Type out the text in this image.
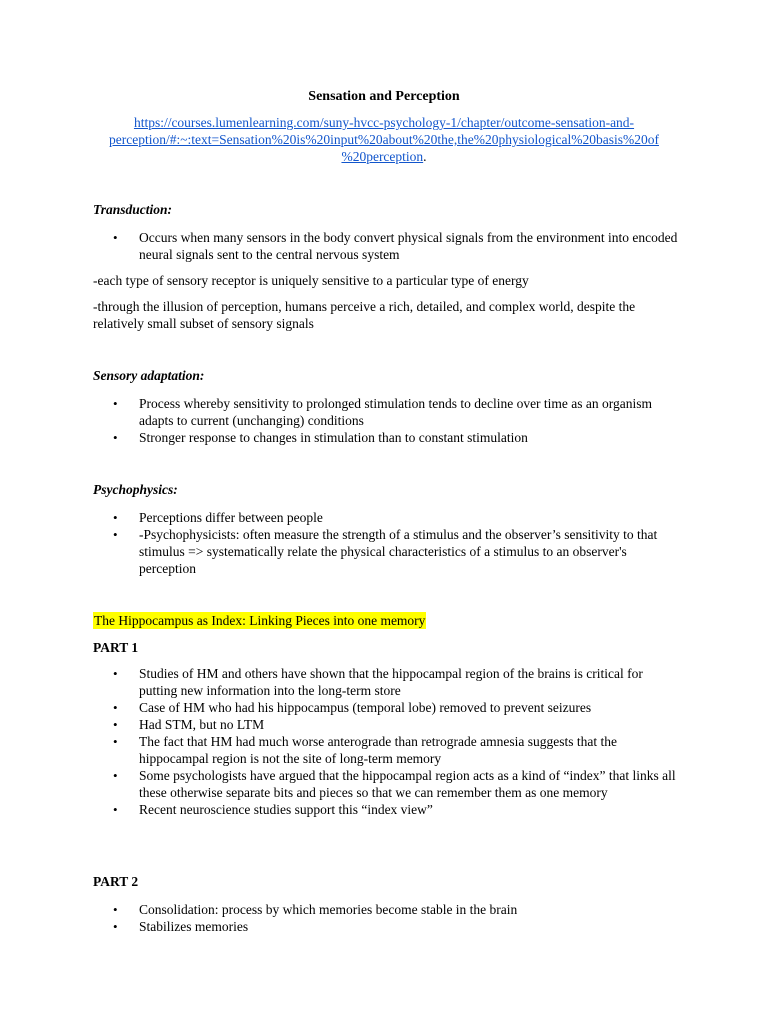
Sensation and Perception
https://courses.lumenlearning.com/suny-hvcc-psychology-1/chapter/outcome-sensation-and-
perception/#:~:text=Sensation%20is%20input%20about%20the,the%20physiological%20basis%20of
%20perception.
Transduction:
• Occurs when many sensors in the body convert physical signals from the environment into encoded neural signals sent to the central nervous system
-each type of sensory receptor is uniquely sensitive to a particular type of energy
-through the illusion of perception, humans perceive a rich, detailed, and complex world, despite the relatively small subset of sensory signals
Sensory adaptation:
• Process whereby sensitivity to prolonged stimulation tends to decline over time as an organism adapts to current (unchanging) conditions
• Stronger response to changes in stimulation than to constant stimulation
Psychophysics:
• Perceptions differ between people
• -Psychophysicists: often measure the strength of a stimulus and the observer’s sensitivity to that stimulus => systematically relate the physical characteristics of a stimulus to an observer's perception
The Hippocampus as Index: Linking Pieces into one memory
PART 1
• Studies of HM and others have shown that the hippocampal region of the brains is critical for putting new information into the long-term store
• Case of HM who had his hippocampus (temporal lobe) removed to prevent seizures
• Had STM, but no LTM
• The fact that HM had much worse anterograde than retrograde amnesia suggests that the hippocampal region is not the site of long-term memory
• Some psychologists have argued that the hippocampal region acts as a kind of “index” that links all these otherwise separate bits and pieces so that we can remember them as one memory
• Recent neuroscience studies support this “index view”
PART 2
• Consolidation: process by which memories become stable in the brain
• Stabilizes memories
